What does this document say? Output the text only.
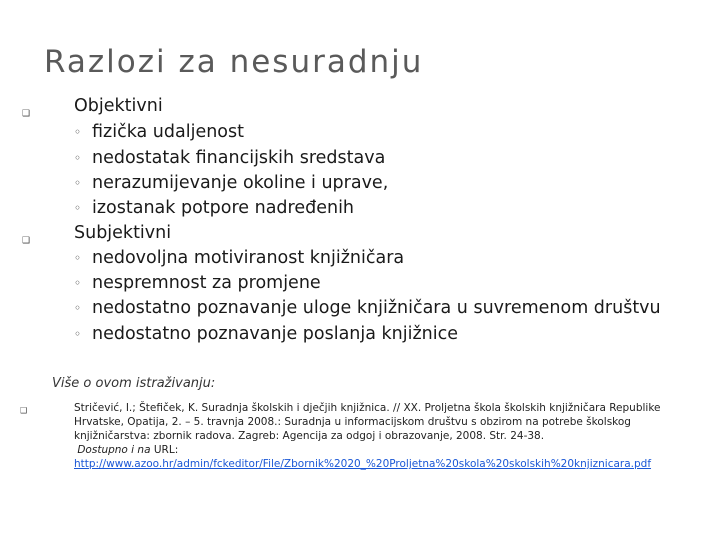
Razlozi za nesuradnju
❑	Objektivni
◦ fizička udaljenost
◦ nedostatak financijskih sredstava
◦ nerazumijevanje okoline i uprave,
◦ izostanak potpore nadređenih
❑	Subjektivni
◦ nedovoljna motiviranost knjižničara
◦ nespremnost za promjene
◦ nedostatno poznavanje uloge knjižničara u suvremenom društvu
◦ nedostatno poznavanje poslanja knjižnice
Više o ovom istraživanju:
❑	Stričević, I.; Štefiček, K. Suradnja školskih i dječjih knjižnica. // XX. Proljetna škola školskih knjižničara Republike Hrvatske, Opatija, 2. – 5. travnja 2008.: Suradnja u informacijskom društvu s obzirom na potrebe školskog knjižničarstva: zbornik radova. Zagreb: Agencija za odgoj i obrazovanje, 2008. Str. 24-38.
Dostupno i na URL:
http://www.azoo.hr/admin/fckeditor/File/Zbornik%2020_%20Proljetna%20skola%20skolskih%20knjiznicara.pdf
